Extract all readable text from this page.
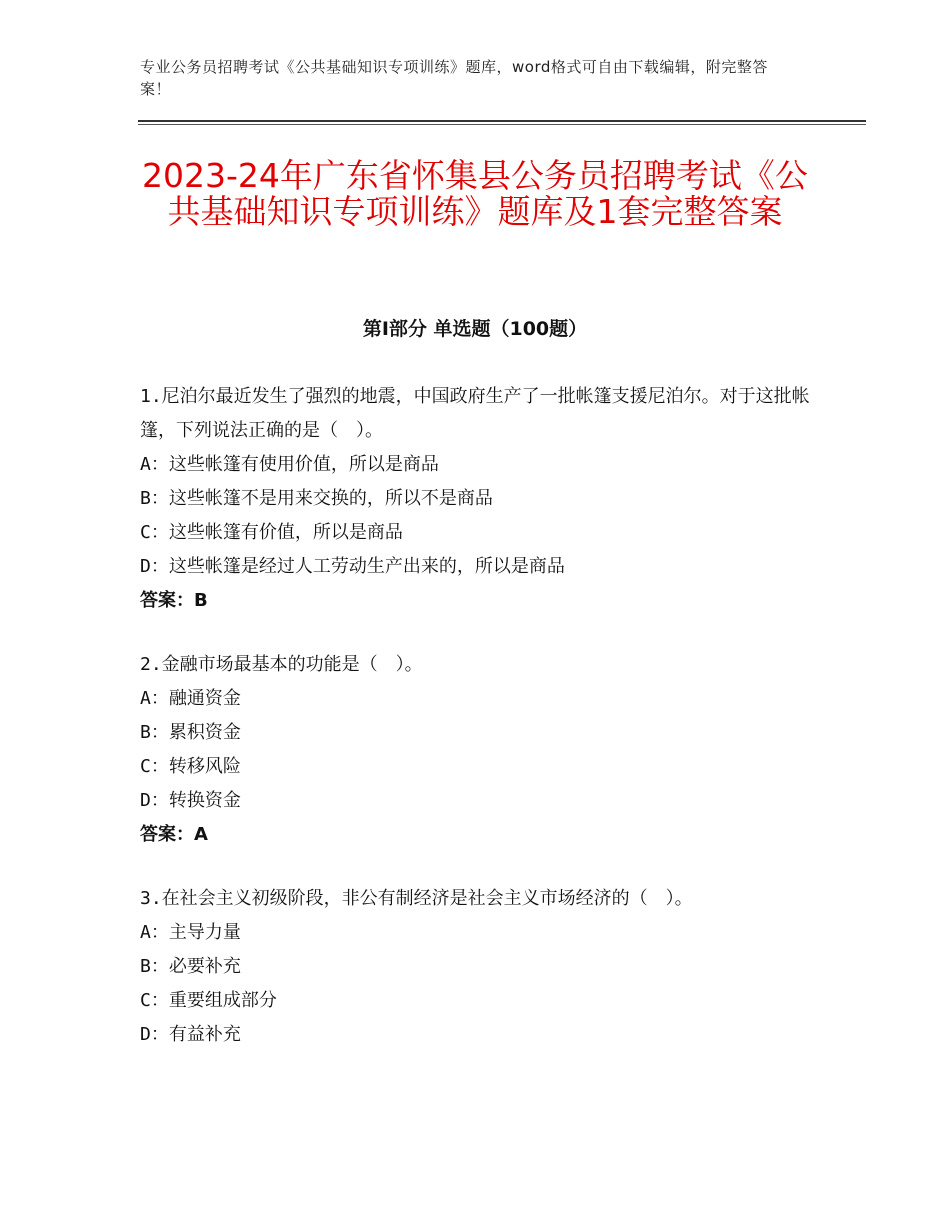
专业公务员招聘考试《公共基础知识专项训练》题库，word格式可自由下载编辑，附完整答案！
2023-24年广东省怀集县公务员招聘考试《公共基础知识专项训练》题库及1套完整答案
第I部分 单选题（100题）

1.尼泊尔最近发生了强烈的地震，中国政府生产了一批帐篷支援尼泊尔。对于这批帐篷，下列说法正确的是（　）。

A：这些帐篷有使用价值，所以是商品

B：这些帐篷不是用来交换的，所以不是商品

C：这些帐篷有价值，所以是商品

D：这些帐篷是经过人工劳动生产出来的，所以是商品

答案：B

2.金融市场最基本的功能是（　）。

A：融通资金

B：累积资金

C：转移风险

D：转换资金

答案：A

3.在社会主义初级阶段，非公有制经济是社会主义市场经济的（　）。

A：主导力量

B：必要补充

C：重要组成部分

D：有益补充
